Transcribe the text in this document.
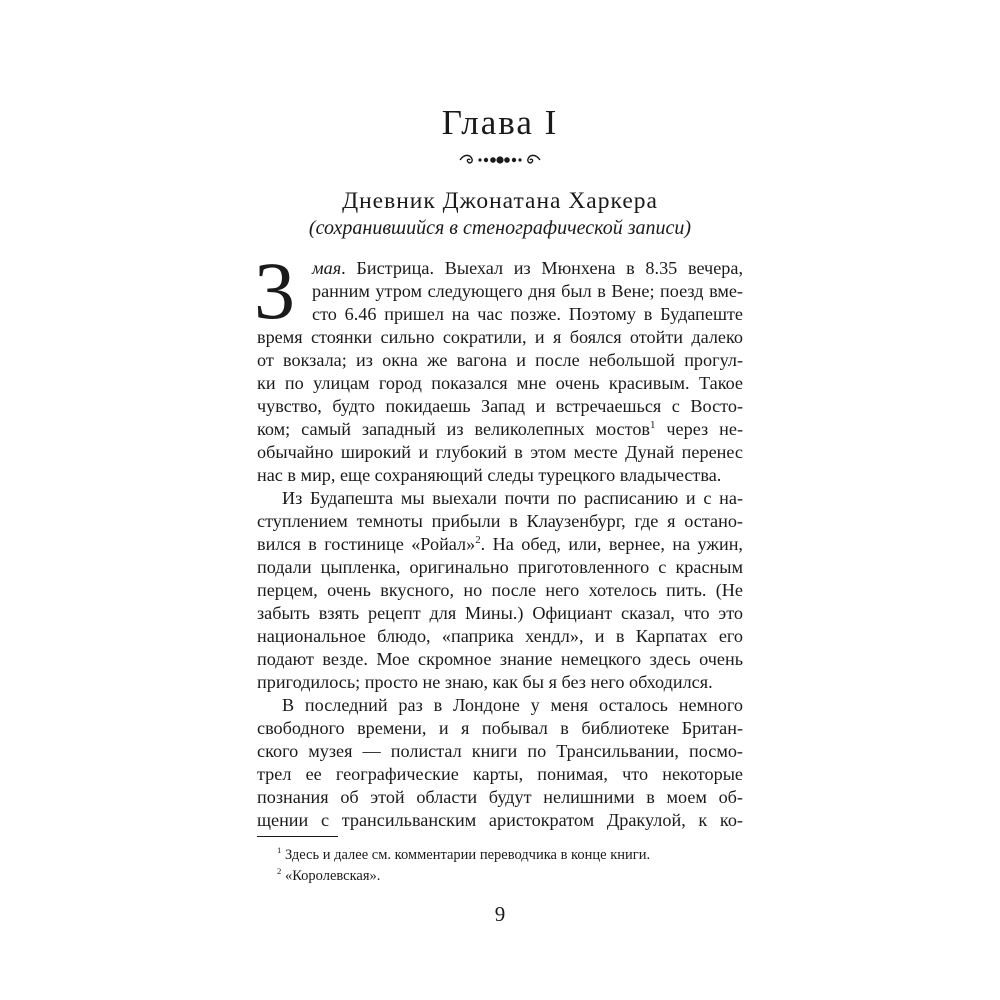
Глава I
Дневник Джонатана Харкера
(сохранившийся в стенографической записи)
3 мая. Бистрица. Выехал из Мюнхена в 8.35 вечера,
ранним утром следующего дня был в Вене; поезд вме-
сто 6.46 пришел на час позже. Поэтому в Будапеште
время стоянки сильно сократили, и я боялся отойти далеко
от вокзала; из окна же вагона и после небольшой прогул-
ки по улицам город показался мне очень красивым. Такое
чувство, будто покидаешь Запад и встречаешься с Восто-
ком; самый западный из великолепных мостов$^1$ через не-
обычайно широкий и глубокий в этом месте Дунай перенес
нас в мир, еще сохраняющий следы турецкого владычества.
Из Будапешта мы выехали почти по расписанию и с на-
ступлением темноты прибыли в Клаузенбург, где я остано-
вился в гостинице «Ройал»$^2$. На обед, или, вернее, на ужин,
подали цыпленка, оригинально приготовленного с красным
перцем, очень вкусного, но после него хотелось пить. (Не
забыть взять рецепт для Мины.) Официант сказал, что это
национальное блюдо, «паприка хендл», и в Карпатах его
подают везде. Мое скромное знание немецкого здесь очень
пригодилось; просто не знаю, как бы я без него обходился.
В последний раз в Лондоне у меня осталось немного
свободного времени, и я побывал в библиотеке Британ-
ского музея — полистал книги по Трансильвании, посмо-
трел ее географические карты, понимая, что некоторые
познания об этой области будут нелишними в моем об-
щении с трансильванским аристократом Дракулой, к ко-
$^1$ Здесь и далее см. комментарии переводчика в конце книги.
$^2$ «Королевская».
9
